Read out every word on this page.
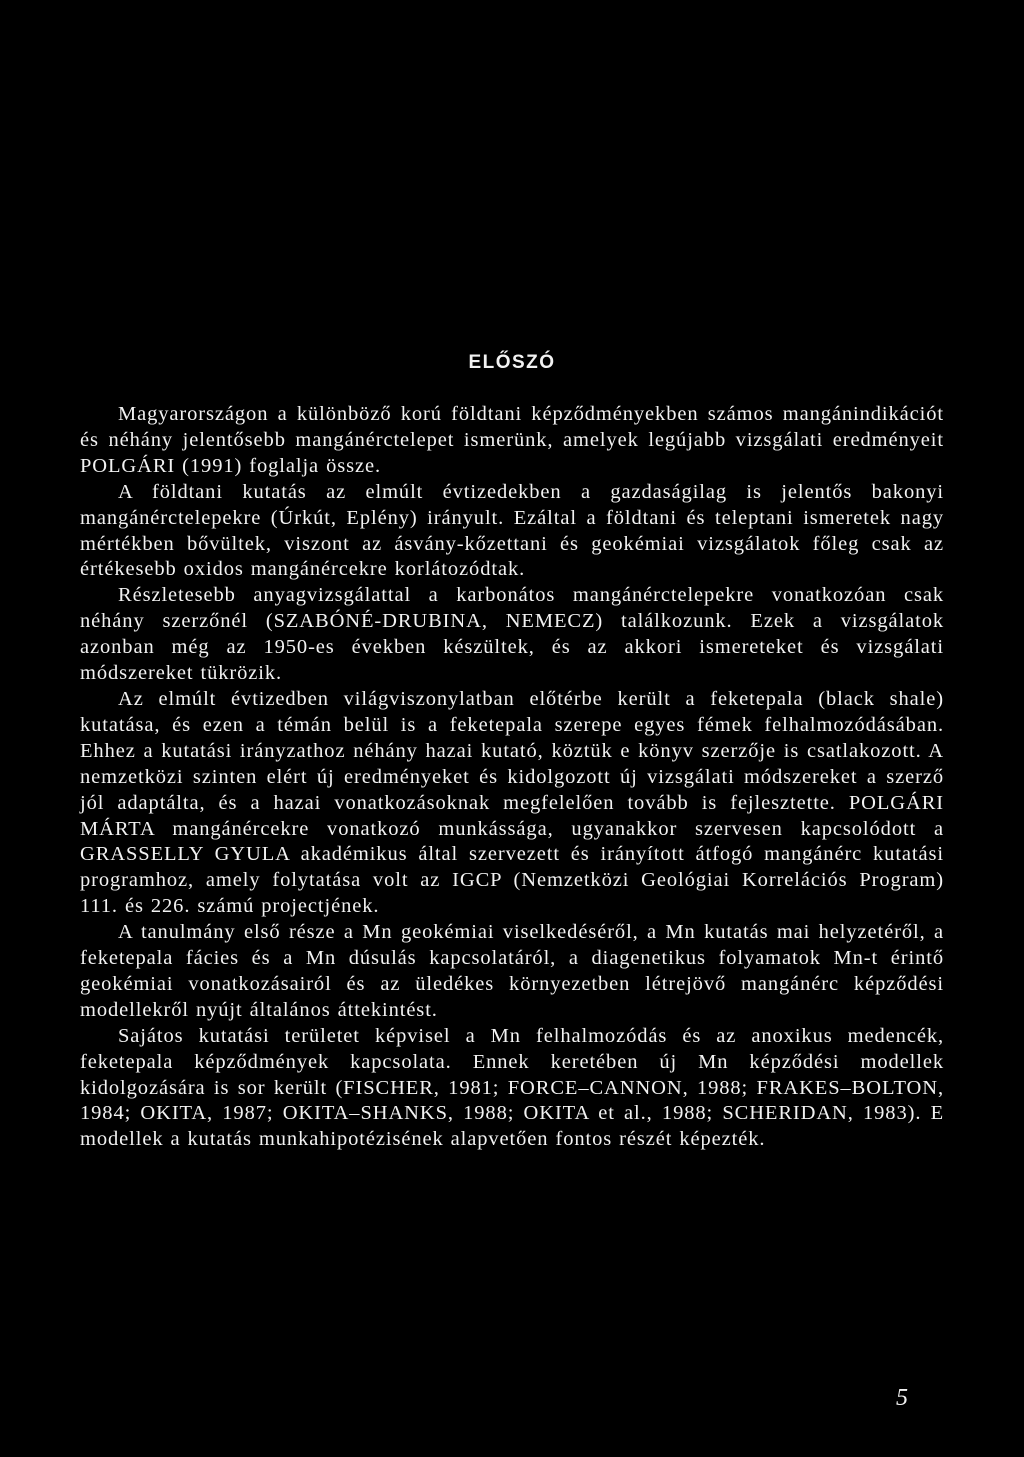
ELŐSZÓ

Magyarországon a különböző korú földtani képződményekben számos mangánindikációt és néhány jelentősebb mangánérctelepet ismerünk, amelyek legújabb vizsgálati eredményeit POLGÁRI (1991) foglalja össze.

A földtani kutatás az elmúlt évtizedekben a gazdaságilag is jelentős bakonyi mangánérctelepekre (Úrkút, Eplény) irányult. Ezáltal a földtani és teleptani ismeretek nagy mértékben bővültek, viszont az ásvány-kőzettani és geokémiai vizsgálatok főleg csak az értékesebb oxidos mangánércekre korlátozódtak.

Részletesebb anyagvizsgálattal a karbonátos mangánérctelepekre vonatkozóan csak néhány szerzőnél (SZABÓNÉ-DRUBINA, NEMECZ) találkozunk. Ezek a vizsgálatok azonban még az 1950-es években készültek, és az akkori ismereteket és vizsgálati módszereket tükrözik.

Az elmúlt évtizedben világviszonylatban előtérbe került a feketepala (black shale) kutatása, és ezen a témán belül is a feketepala szerepe egyes fémek felhalmozódásában. Ehhez a kutatási irányzathoz néhány hazai kutató, köztük e könyv szerzője is csatlakozott. A nemzetközi szinten elért új eredményeket és kidolgozott új vizsgálati módszereket a szerző jól adaptálta, és a hazai vonatkozásoknak megfelelően tovább is fejlesztette. POLGÁRI MÁRTA mangánércekre vonatkozó munkássága, ugyanakkor szervesen kapcsolódott a GRASSELLY GYULA akadémikus által szervezett és irányított átfogó mangánérc kutatási programhoz, amely folytatása volt az IGCP (Nemzetközi Geológiai Korrelációs Program) 111. és 226. számú projectjének.

A tanulmány első része a Mn geokémiai viselkedéséről, a Mn kutatás mai helyzetéről, a feketepala fácies és a Mn dúsulás kapcsolatáról, a diagenetikus folyamatok Mn-t érintő geokémiai vonatkozásairól és az üledékes környezetben létrejövő mangánérc képződési modellekről nyújt általános áttekintést.

Sajátos kutatási területet képvisel a Mn felhalmozódás és az anoxikus medencék, feketepala képződmények kapcsolata. Ennek keretében új Mn képződési modellek kidolgozására is sor került (FISCHER, 1981; FORCE–CANNON, 1988; FRAKES–BOLTON, 1984; OKITA, 1987; OKITA–SHANKS, 1988; OKITA et al., 1988; SCHERIDAN, 1983). E modellek a kutatás munkahipotézisének alapvetően fontos részét képezték.

5
